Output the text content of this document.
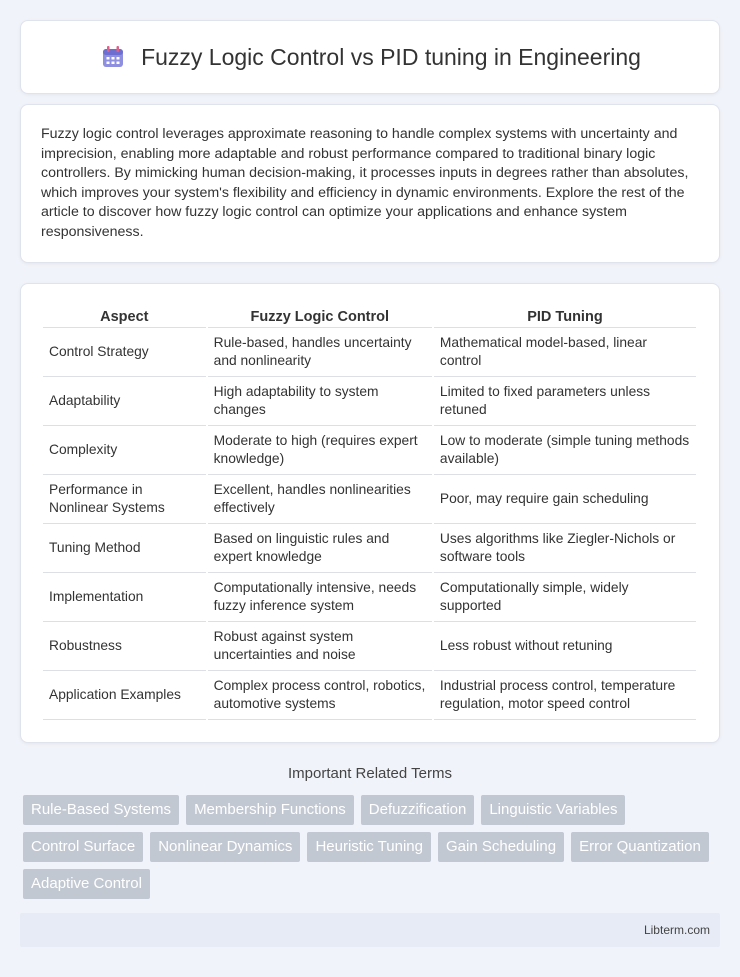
Fuzzy Logic Control vs PID tuning in Engineering

Fuzzy logic control leverages approximate reasoning to handle complex systems with uncertainty and imprecision, enabling more adaptable and robust performance compared to traditional binary logic controllers. By mimicking human decision-making, it processes inputs in degrees rather than absolutes, which improves your system's flexibility and efficiency in dynamic environments. Explore the rest of the article to discover how fuzzy logic control can optimize your applications and enhance system responsiveness.

Aspect	Fuzzy Logic Control	PID Tuning
Control Strategy	Rule-based, handles uncertainty and nonlinearity	Mathematical model-based, linear control
Adaptability	High adaptability to system changes	Limited to fixed parameters unless retuned
Complexity	Moderate to high (requires expert knowledge)	Low to moderate (simple tuning methods available)
Performance in Nonlinear Systems	Excellent, handles nonlinearities effectively	Poor, may require gain scheduling
Tuning Method	Based on linguistic rules and expert knowledge	Uses algorithms like Ziegler-Nichols or software tools
Implementation	Computationally intensive, needs fuzzy inference system	Computationally simple, widely supported
Robustness	Robust against system uncertainties and noise	Less robust without retuning
Application Examples	Complex process control, robotics, automotive systems	Industrial process control, temperature regulation, motor speed control
Important Related Terms
Rule-Based Systems	Membership Functions	Defuzzification	Linguistic Variables
Control Surface	Nonlinear Dynamics	Heuristic Tuning	Gain Scheduling	Error Quantization
Adaptive Control
Libterm.com
